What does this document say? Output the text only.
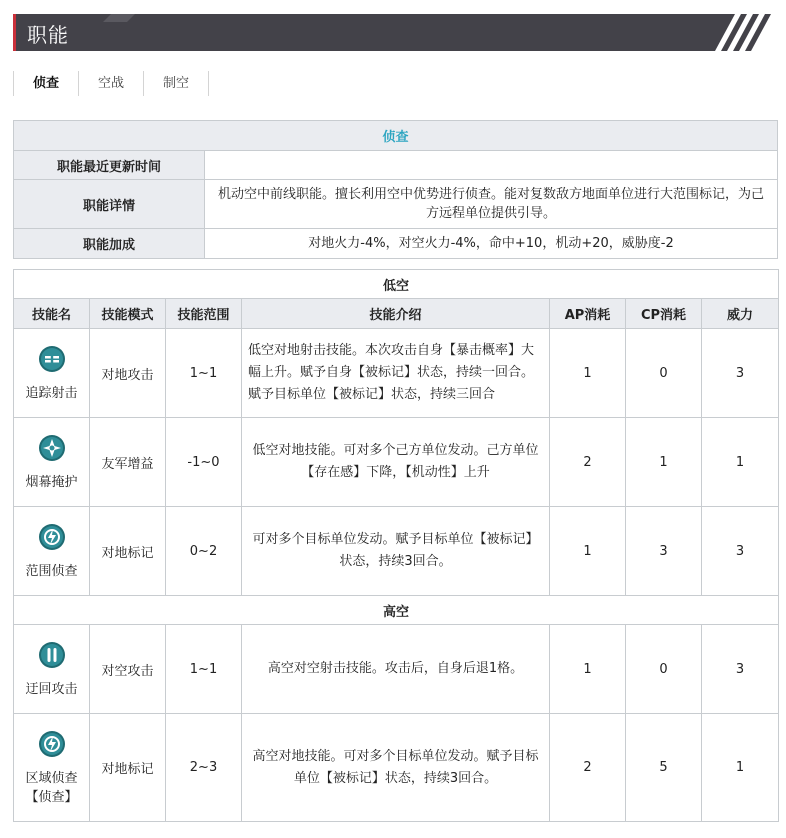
职能
侦查	空战	制空
侦查	
职能最近更新时间	
职能详情	机动空中前线职能。擅长利用空中优势进行侦查。能对复数敌方地面单位进行大范围标记，为己方远程单位提供引导。
职能加成	对地火力-4%，对空火力-4%，命中+10，机动+20，威胁度-2
低空						
技能名	技能模式	技能范围	技能介绍	AP消耗	CP消耗	威力

追踪射击	对地攻击	1~1	低空对地射击技能。本次攻击自身【暴击概率】大幅上升。赋予自身【被标记】状态，持续一回合。赋予目标单位【被标记】状态，持续三回合	1	0	3

烟幕掩护	友军增益	-1~0	低空对地技能。可对多个己方单位发动。己方单位【存在感】下降，【机动性】上升	2	1	1

范围侦查	对地标记	0~2	可对多个目标单位发动。赋予目标单位【被标记】状态，持续3回合。	1	3	3
高空						

迂回攻击	对空攻击	1~1	高空对空射击技能。攻击后，自身后退1格。	1	0	3

区域侦查【侦查】	对地标记	2~3	高空对地技能。可对多个目标单位发动。赋予目标单位【被标记】状态，持续3回合。	2	5	1
